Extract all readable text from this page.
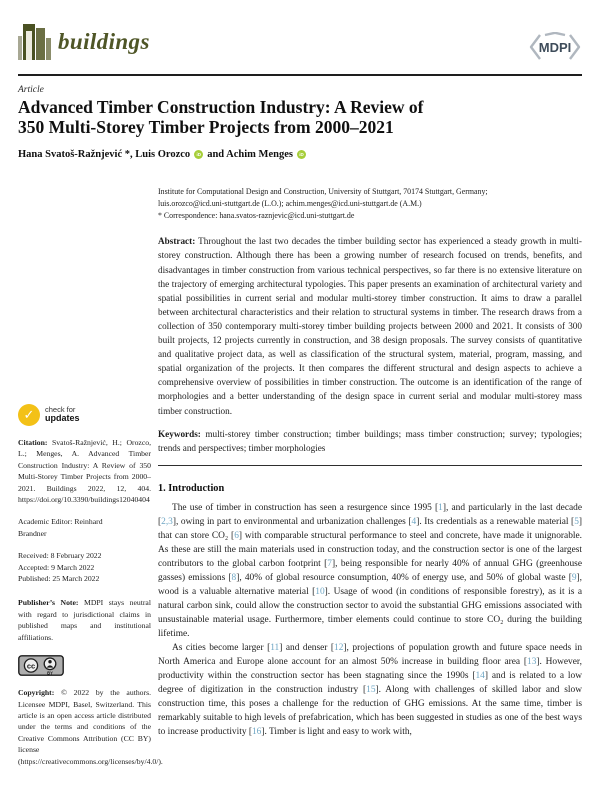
buildings	MDPI
Article
Advanced Timber Construction Industry: A Review of
350 Multi-Storey Timber Projects from 2000–2021
Hana Svatoš-Ražnjević *, Luis Orozco	iD and Achim Menges	iD
Institute for Computational Design and Construction, University of Stuttgart, 70174 Stuttgart, Germany;
luis.orozco@icd.uni-stuttgart.de (L.O.); achim.menges@icd.uni-stuttgart.de (A.M.)
* Correspondence: hana.svatos-raznjevic@icd.uni-stuttgart.de

Abstract: Throughout the last two decades the timber building sector has experienced a steady growth in multi-storey construction. Although there has been a growing number of research focused on trends, benefits, and disadvantages in timber construction from various technical perspectives, so far there is no extensive literature on the trajectory of emerging architectural typologies. This paper presents an examination of architectural variety and spatial possibilities in current serial and modular multi-storey timber construction. It aims to draw a parallel between architectural characteristics and their relation to structural systems in timber. The research draws from a collection of 350 contemporary multi-storey timber building projects between 2000 and 2021. It consists of 300 built projects, 12 projects currently in construction, and 38 design proposals. The survey consists of quantitative and qualitative project data, as well as classification of the structural system, material, program, massing, and spatial organization of the projects. It then compares the different structural and design aspects to achieve a comprehensive overview of possibilities in timber construction. The outcome is an identification of the range of morphologies and a better understanding of the design space in current serial and modular multi-storey mass timber construction.

Keywords: multi-storey timber construction; timber buildings; mass timber construction; survey; typologies; trends and perspectives; timber morphologies

1. Introduction

The use of timber in construction has seen a resurgence since 1995 [1], and particularly in the last decade [2,3], owing in part to environmental and urbanization challenges [4]. Its credentials as a renewable material [5] that can store CO₂ [6] with comparable structural performance to steel and concrete, have made it unignorable. As these are still the main materials used in construction today, and the construction sector is one of the largest contributors to the global carbon footprint [7], being responsible for nearly 40% of annual GHG (greenhouse gasses) emissions [8], 40% of global resource consumption, 40% of energy use, and 50% of global waste [9], wood is a valuable alternative material [10]. Usage of wood (in conditions of responsible forestry), as it is a natural carbon sink, could allow the construction sector to avoid the substantial GHG emissions associated with unsustainable material usage. Furthermore, timber elements could continue to store CO₂ during the building lifetime.

As cities become larger [11] and denser [12], projections of population growth and future space needs in North America and Europe alone account for an almost 50% increase in building floor area [13]. However, productivity within the construction sector has been stagnating since the 1990s [14] and is related to a low degree of digitization in the construction industry [15]. Along with challenges of skilled labor and slow construction time, this poses a challenge for the reduction of GHG emissions. At the same time, timber is remarkably suitable to high levels of prefabrication, which has been suggested in studies as one of the best ways to increase productivity [16]. Timber is light and easy to work with,

✓	check for
updates

Citation: Svatoš-Ražnjević, H.; Orozco, L.; Menges, A. Advanced Timber Construction Industry: A Review of 350 Multi-Storey Timber Projects from 2000–2021. Buildings 2022, 12, 404. https://doi.org/10.3390/buildings12040404

Academic Editor: Reinhard
Brandner
Received: 8 February 2022
Accepted: 9 March 2022
Published: 25 March 2022

Publisher’s Note: MDPI stays neutral with regard to jurisdictional claims in published maps and institutional affiliations.

cc
BY

Copyright: © 2022 by the authors. Licensee MDPI, Basel, Switzerland. This article is an open access article distributed under the terms and conditions of the Creative Commons Attribution (CC BY) license (https://creativecommons.org/licenses/by/4.0/).
